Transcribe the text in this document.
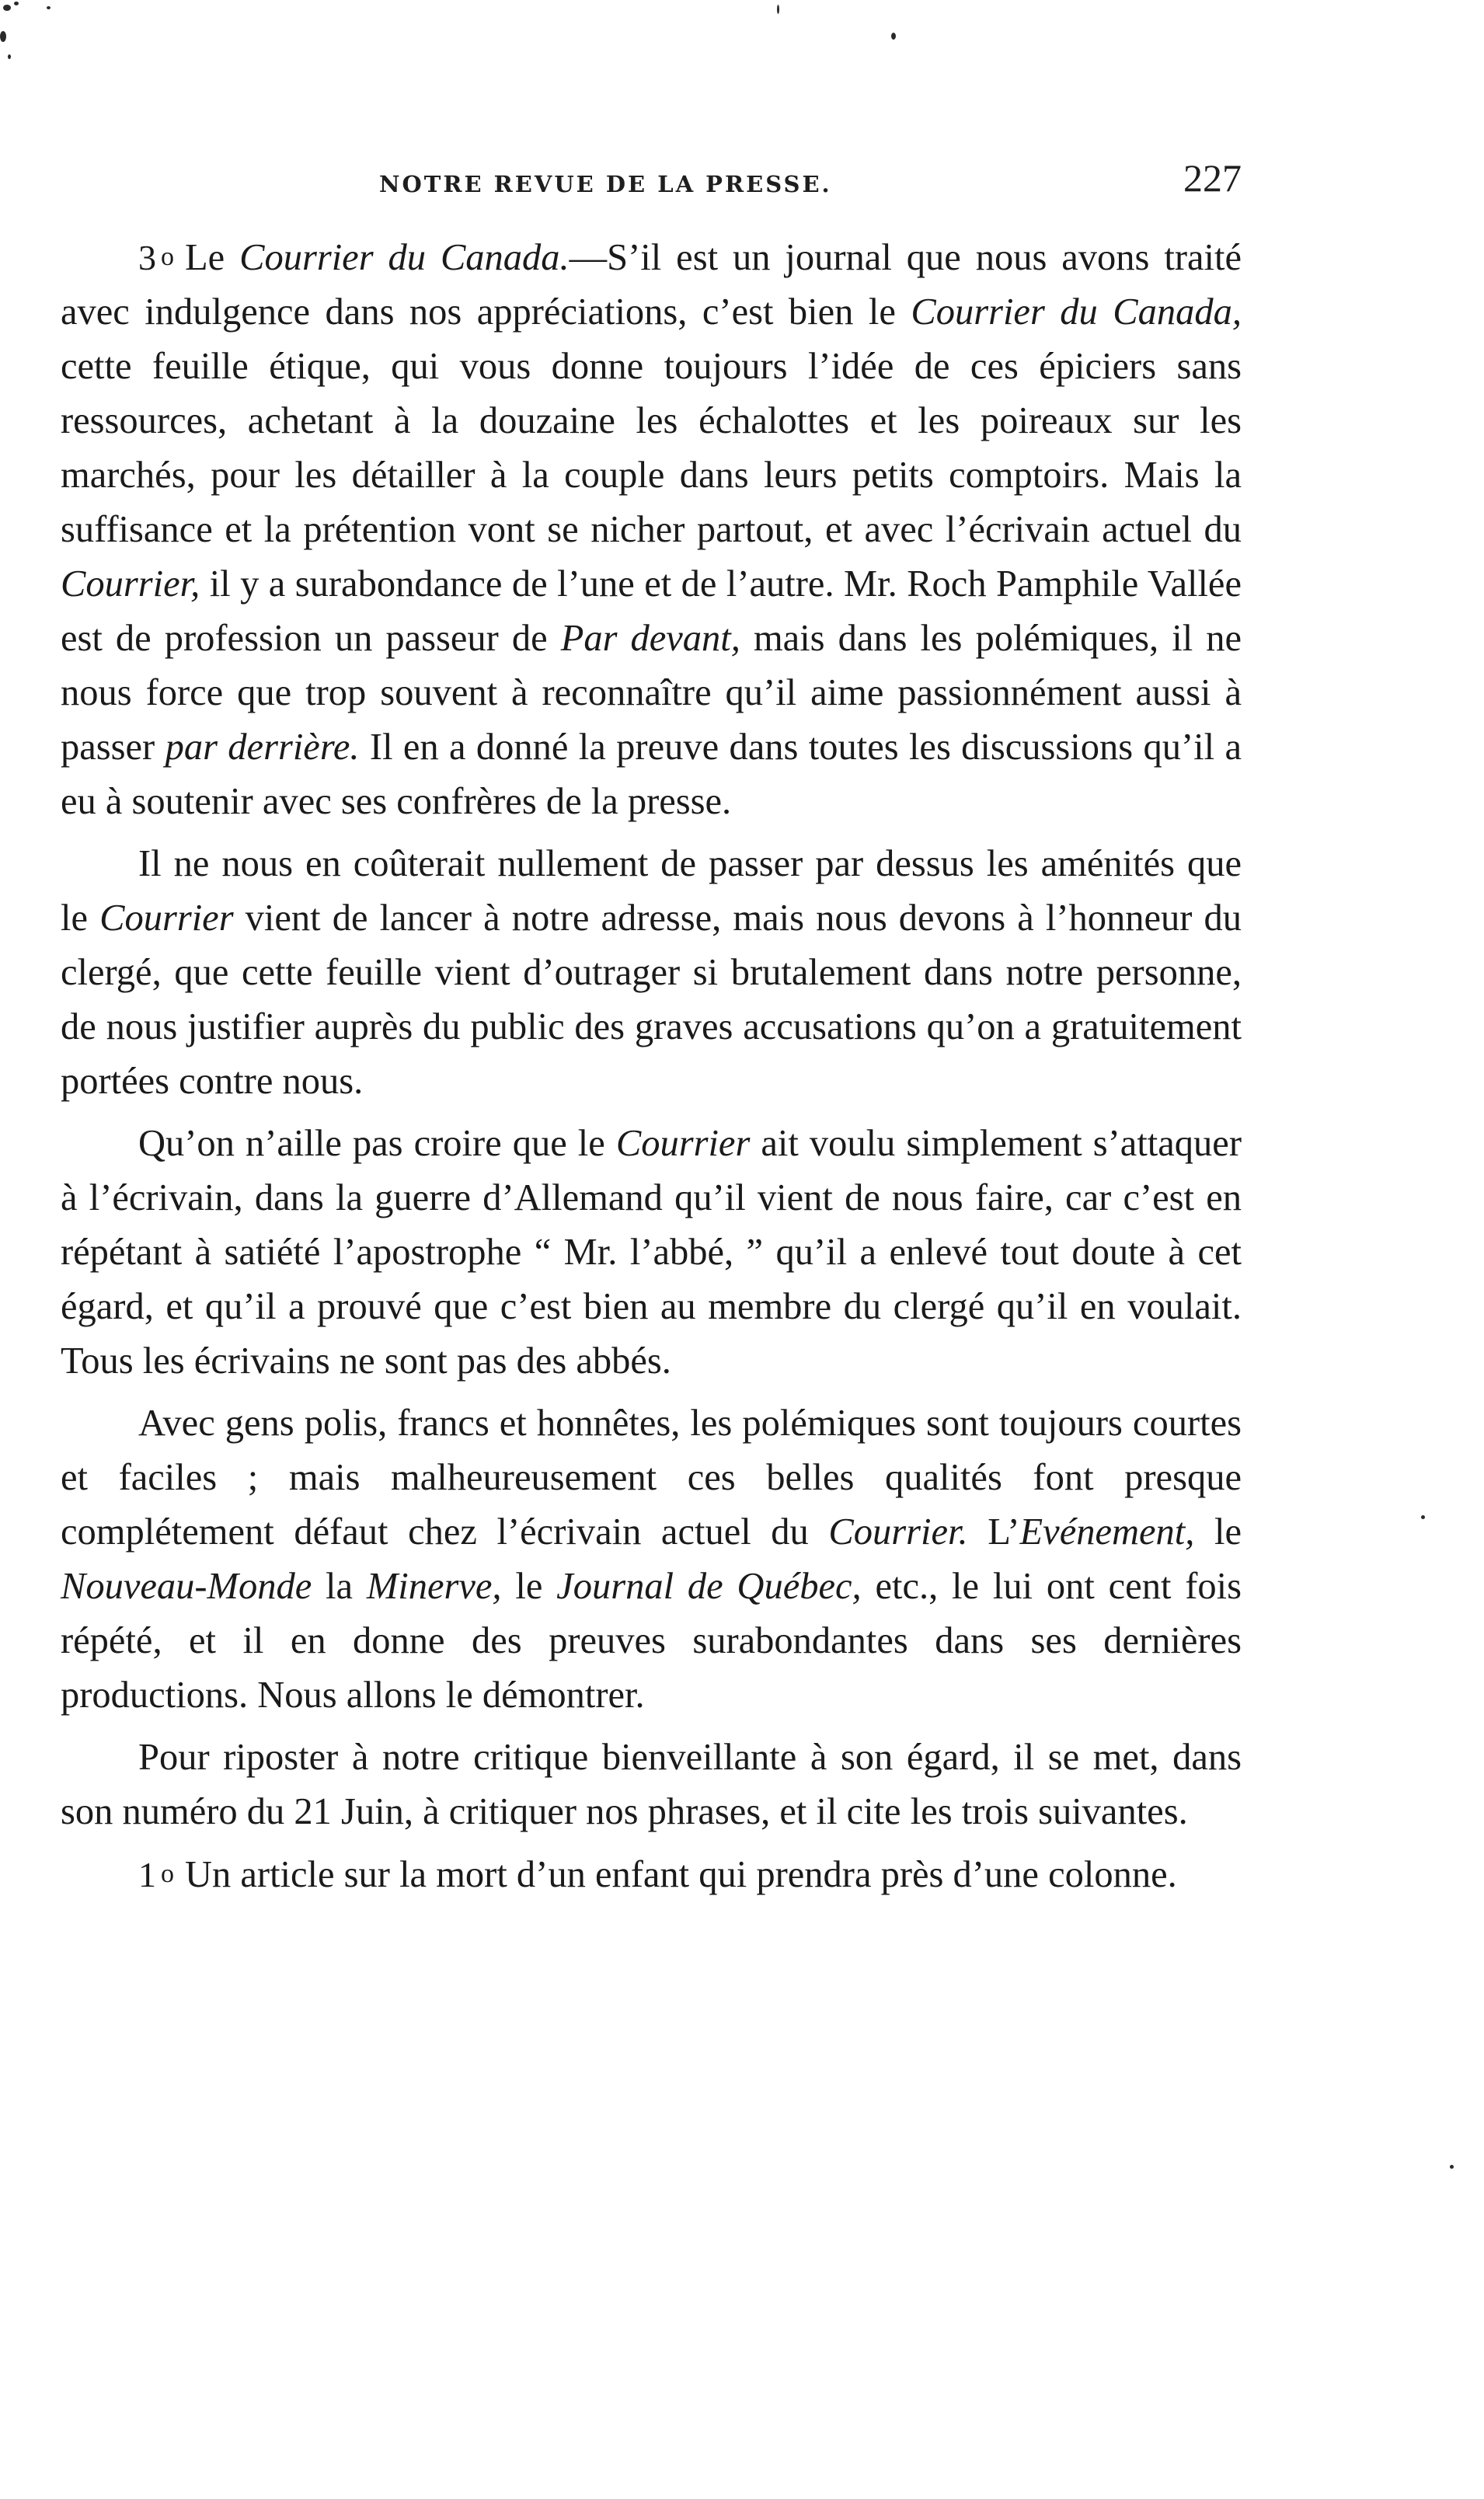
NOTRE REVUE DE LA PRESSE.	227

3 o Le Courrier du Canada.—S’il est un journal que nous avons traité avec indulgence dans nos appréciations, c’est bien le Courrier du Canada, cette feuille étique, qui vous donne toujours l’idée de ces épiciers sans ressources, achetant à la douzaine les échalottes et les poireaux sur les marchés, pour les détailler à la couple dans leurs petits comptoirs. Mais la suffisance et la prétention vont se nicher partout, et avec l’écrivain actuel du Courrier, il y a surabondance de l’une et de l’autre. Mr. Roch Pamphile Vallée est de profession un passeur de Par devant, mais dans les polémiques, il ne nous force que trop souvent à reconnaître qu’il aime passionnément aussi à passer par derrière. Il en a donné la preuve dans toutes les discussions qu’il a eu à soutenir avec ses confrères de la presse.

Il ne nous en coûterait nullement de passer par dessus les aménités que le Courrier vient de lancer à notre adresse, mais nous devons à l’honneur du clergé, que cette feuille vient d’outrager si brutalement dans notre personne, de nous justifier auprès du public des graves accusations qu’on a gratuitement portées contre nous.

Qu’on n’aille pas croire que le Courrier ait voulu simplement s’attaquer à l’écrivain, dans la guerre d’Allemand qu’il vient de nous faire, car c’est en répétant à satiété l’apostrophe “ Mr. l’abbé, ” qu’il a enlevé tout doute à cet égard, et qu’il a prouvé que c’est bien au membre du clergé qu’il en voulait. Tous les écrivains ne sont pas des abbés.

Avec gens polis, francs et honnêtes, les polémiques sont toujours courtes et faciles ; mais malheureusement ces belles qualités font presque complétement défaut chez l’écrivain actuel du Courrier. L’Evénement, le Nouveau-Monde la Minerve, le Journal de Québec, etc., le lui ont cent fois répété, et il en donne des preuves surabondantes dans ses dernières productions. Nous allons le démontrer.

Pour riposter à notre critique bienveillante à son égard, il se met, dans son numéro du 21 Juin, à critiquer nos phrases, et il cite les trois suivantes.

1 o Un article sur la mort d’un enfant qui prendra près d’une colonne.
